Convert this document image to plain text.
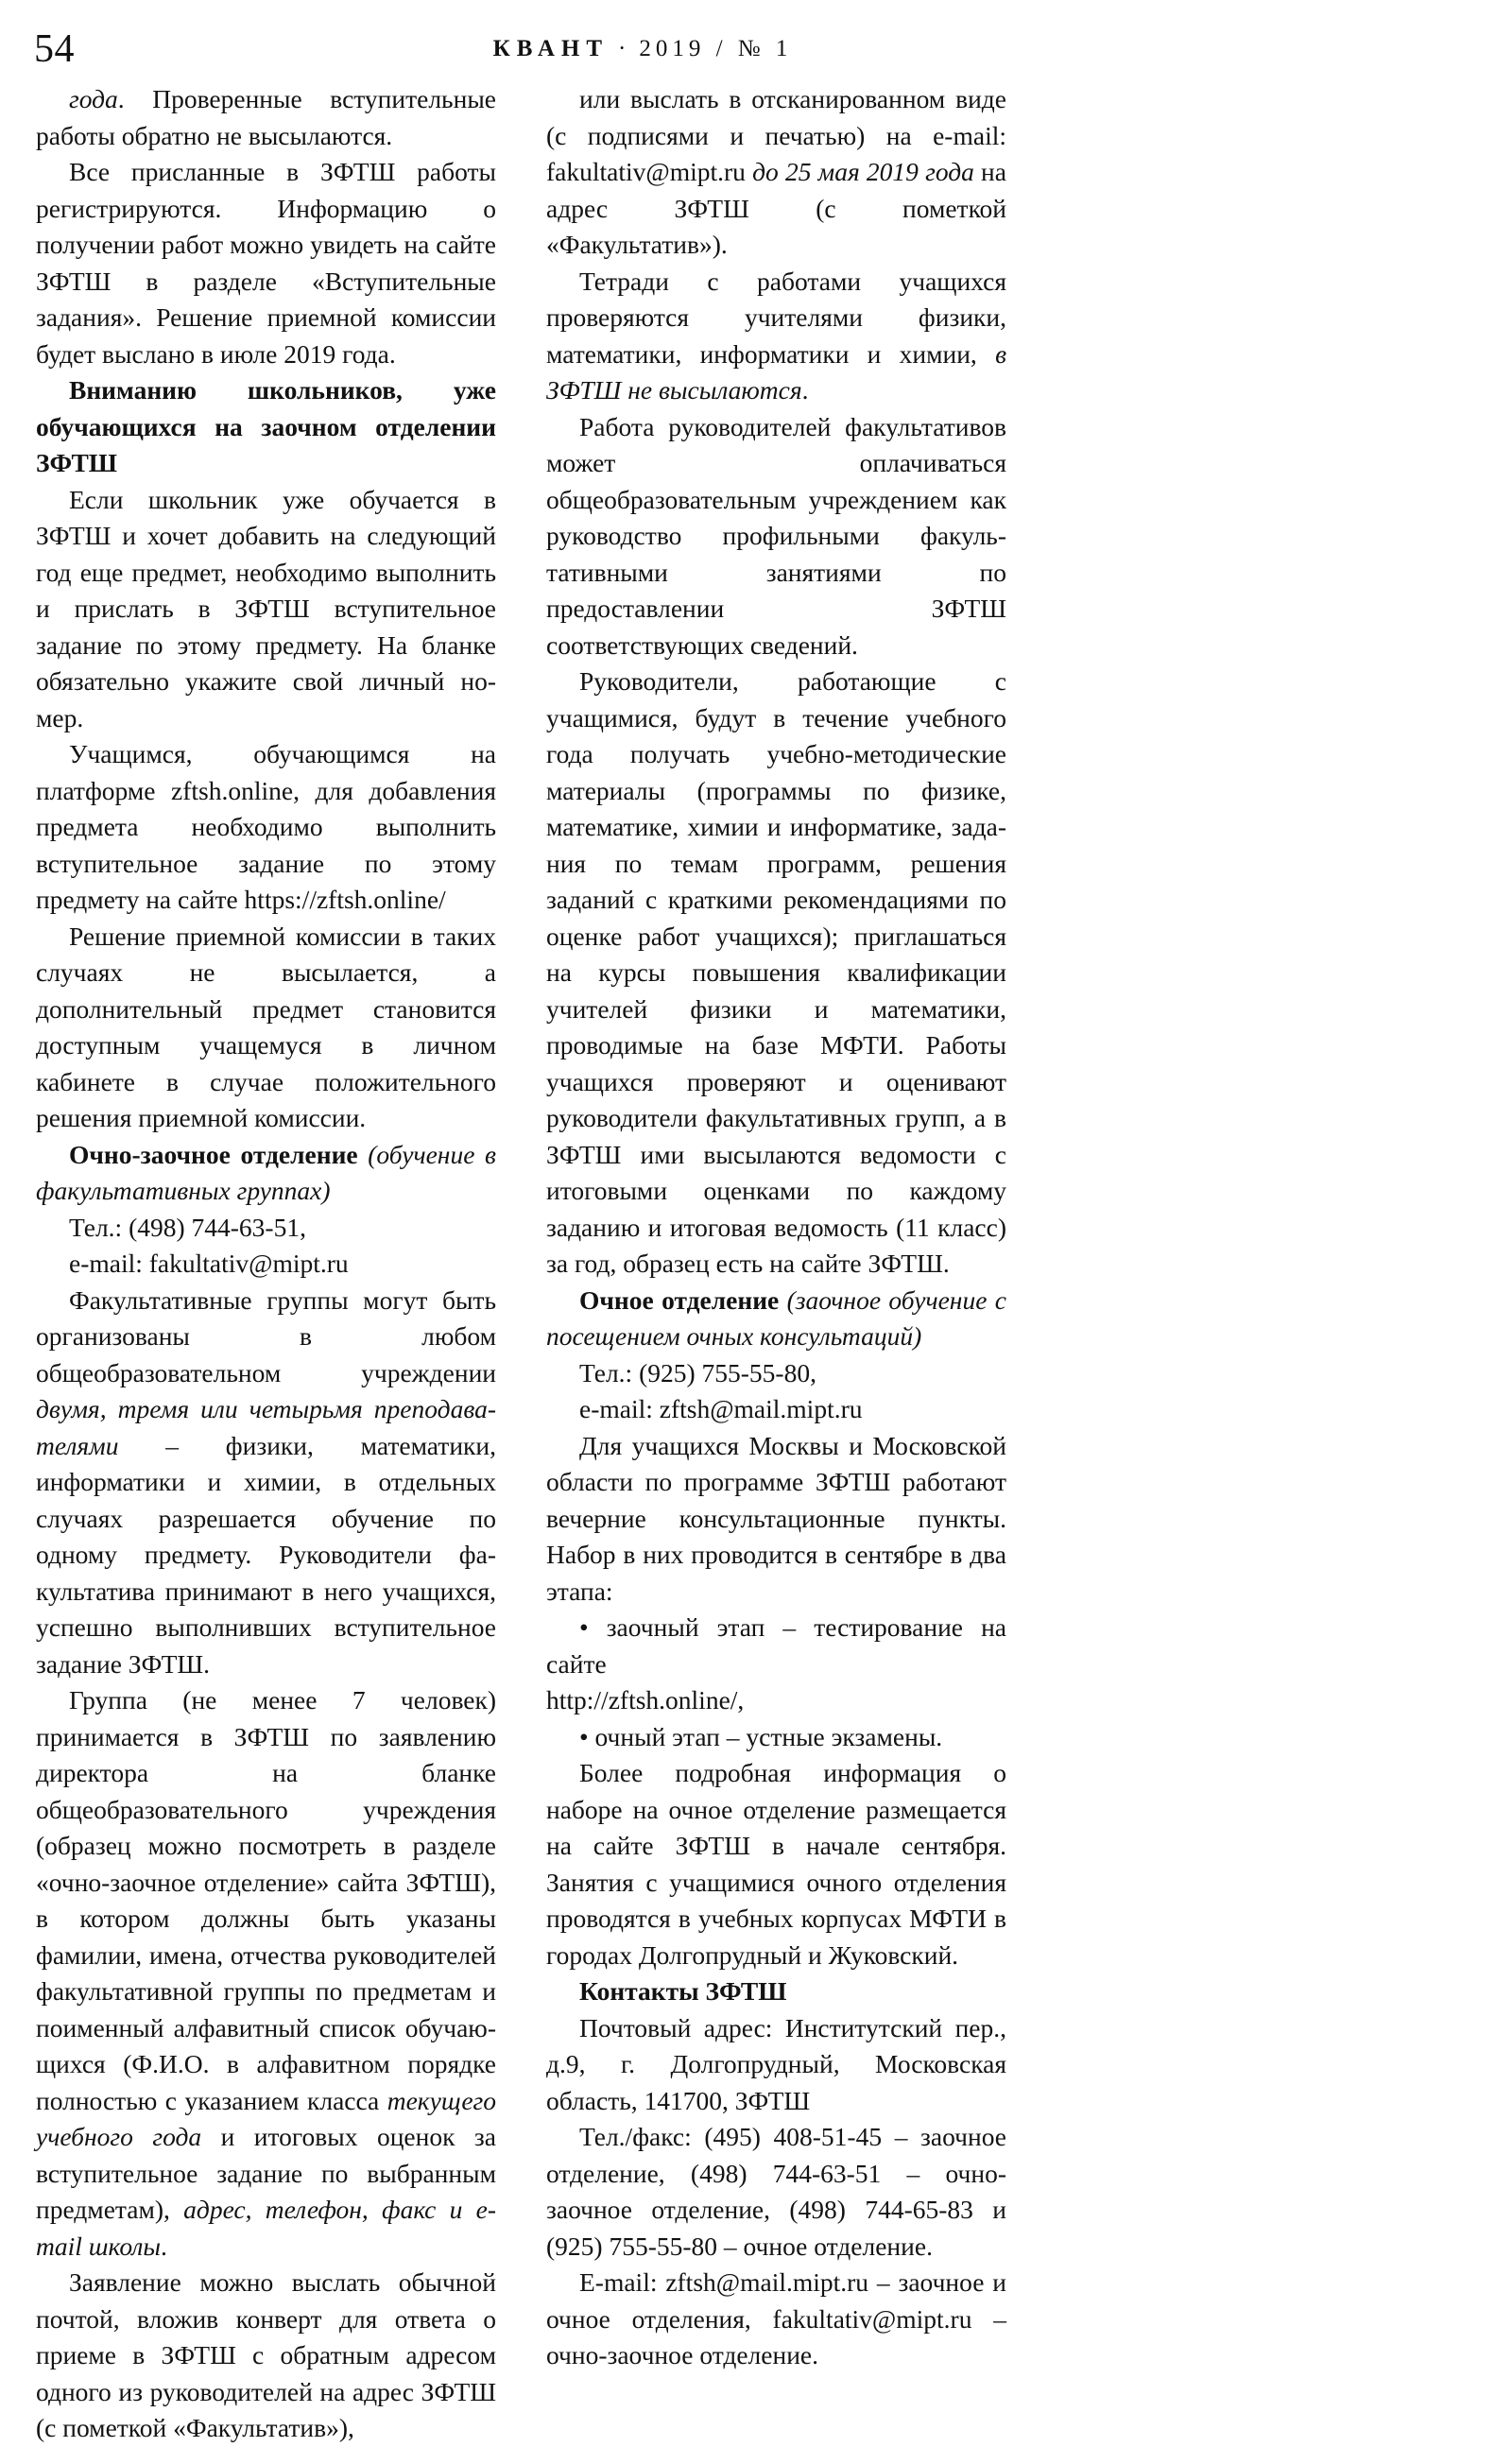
54	КВАНТ · 2019 / № 1

года. Проверенные вступительные работы обратно не высылаются.

Все присланные в ЗФТШ работы регистрируются. Информацию о получении работ можно увидеть на сайте ЗФТШ в разделе «Вступительные задания». Решение приемной комиссии будет выслано в июле 2019 года.

Вниманию школьников, уже обучающихся на заочном отделении ЗФТШ

Если школьник уже обучается в ЗФТШ и хочет добавить на следующий год еще предмет, необходимо выполнить и прислать в ЗФТШ вступительное задание по этому предмету. На бланке обязательно укажите свой личный номер.

Учащимся, обучающимся на платформе zftsh.online, для добавления предмета необходимо выполнить вступительное задание по этому предмету на сайте https://zftsh.online/

Решение приемной комиссии в таких случаях не высылается, а дополнительный предмет становится доступным учащемуся в личном кабинете в случае положительного решения приемной комиссии.

Очно-заочное отделение (обучение в факультативных группах)

Тел.: (498) 744-63-51,

e-mail: fakultativ@mipt.ru

Факультативные группы могут быть организованы в любом общеобразовательном учреждении двумя, тремя или четырьмя преподавателями – физики, математики, информатики и химии, в отдельных случаях разрешается обучение по одному предмету. Руководители факультатива принимают в него учащихся, успешно выполнивших вступительное задание ЗФТШ.

Группа (не менее 7 человек) принимается в ЗФТШ по заявлению директора на бланке общеобразовательного учреждения (образец можно посмотреть в разделе «очно-заочное отделение» сайта ЗФТШ), в котором должны быть указаны фамилии, имена, отчества руководителей факультативной группы по предметам и поименный алфавитный список обучающихся (Ф.И.О. в алфавитном порядке полностью с указанием класса текущего учебного года и итоговых оценок за вступительное задание по выбранным предметам), адрес, телефон, факс и e-mail школы.

Заявление можно выслать обычной почтой, вложив конверт для ответа о приеме в ЗФТШ с обратным адресом одного из руководителей на адрес ЗФТШ (с пометкой «Факультатив»),

или выслать в отсканированном виде (с подписями и печатью) на e-mail: fakultativ@mipt.ru до 25 мая 2019 года на адрес ЗФТШ (с пометкой «Факультатив»).

Тетради с работами учащихся проверяются учителями физики, математики, информатики и химии, в ЗФТШ не высылаются.

Работа руководителей факультативов может оплачиваться общеобразовательным учреждением как руководство профильными факультативными занятиями по предоставлении ЗФТШ соответствующих сведений.

Руководители, работающие с учащимися, будут в течение учебного года получать учебно-методические материалы (программы по физике, математике, химии и информатике, задания по темам программ, решения заданий с краткими рекомендациями по оценке работ учащихся); приглашаться на курсы повышения квалификации учителей физики и математики, проводимые на базе МФТИ. Работы учащихся проверяют и оценивают руководители факультативных групп, а в ЗФТШ ими высылаются ведомости с итоговыми оценками по каждому заданию и итоговая ведомость (11 класс) за год, образец есть на сайте ЗФТШ.

Очное отделение (заочное обучение с посещением очных консультаций)

Тел.: (925) 755-55-80,

e-mail: zftsh@mail.mipt.ru

Для учащихся Москвы и Московской области по программе ЗФТШ работают вечерние консультационные пункты. Набор в них проводится в сентябре в два этапа:

• заочный этап – тестирование на сайте

http://zftsh.online/,

• очный этап – устные экзамены.

Более подробная информация о наборе на очное отделение размещается на сайте ЗФТШ в начале сентября. Занятия с учащимися очного отделения проводятся в учебных корпусах МФТИ в городах Долгопрудный и Жуковский.

Контакты ЗФТШ

Почтовый адрес: Институтский пер., д.9, г. Долгопрудный, Московская область, 141700, ЗФТШ

Тел./факс: (495) 408-51-45 – заочное отделение, (498) 744-63-51 – очно-заочное отделение, (498) 744-65-83 и (925) 755-55-80 – очное отделение.

E-mail: zftsh@mail.mipt.ru – заочное и очное отделения, fakultativ@mipt.ru – очно-заочное отделение.
